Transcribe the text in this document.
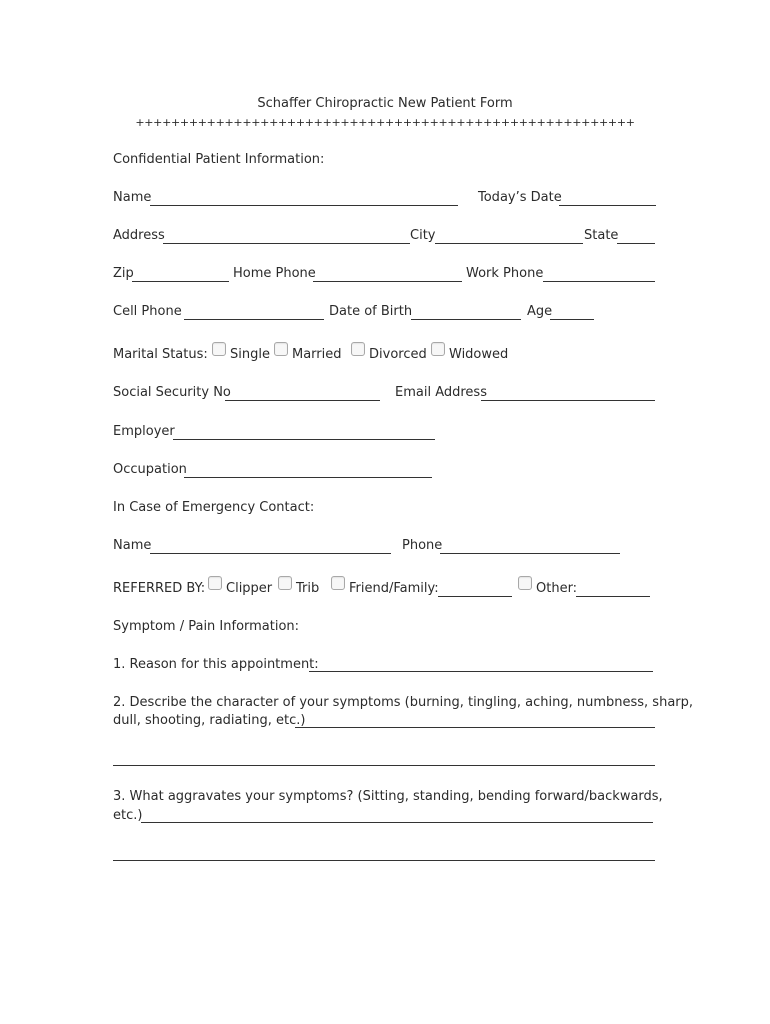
Schaffer Chiropractic New Patient Form
++++++++++++++++++++++++++++++++++++++++++++++++++++++++
Confidential Patient Information:
Name	Today’s Date
Address	City	State
Zip	Home Phone	Work Phone
Cell Phone	Date of Birth	Age
Marital Status: Single Married Divorced Widowed
Social Security No	Email Address
Employer
Occupation
In Case of Emergency Contact:
Name	Phone
REFERRED BY: Clipper Trib Friend/Family:	Other:
Symptom / Pain Information:
1. Reason for this appointment:
2. Describe the character of your symptoms (burning, tingling, aching, numbness, sharp,
dull, shooting, radiating, etc.)
3. What aggravates your symptoms? (Sitting, standing, bending forward/backwards,
etc.)
